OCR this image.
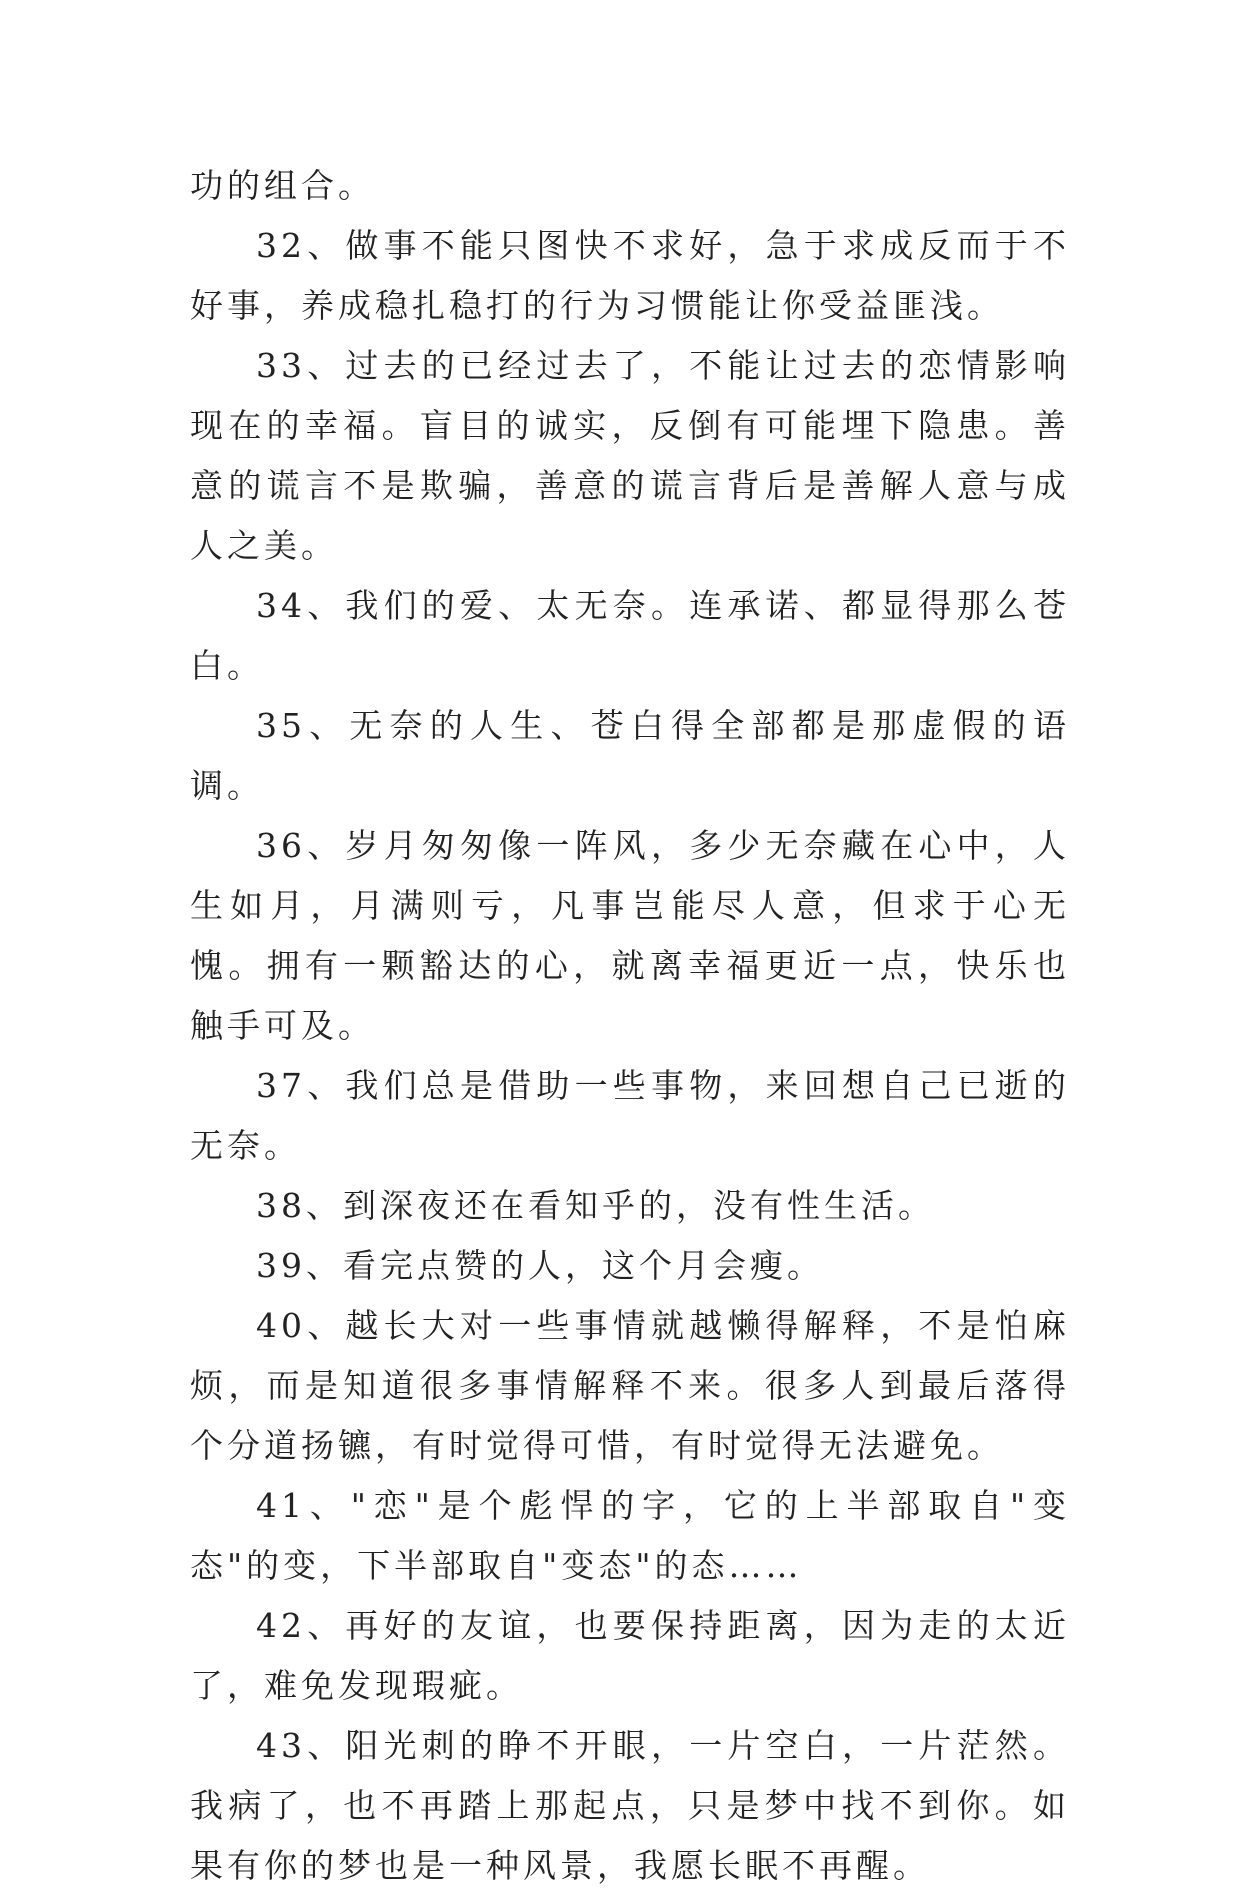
功的组合。

32、做事不能只图快不求好，急于求成反而于不好事，养成稳扎稳打的行为习惯能让你受益匪浅。

33、过去的已经过去了，不能让过去的恋情影响现在的幸福。盲目的诚实，反倒有可能埋下隐患。善意的谎言不是欺骗，善意的谎言背后是善解人意与成人之美。

34、我们的爱、太无奈。连承诺、都显得那么苍白。

35、无奈的人生、苍白得全部都是那虚假的语调。

36、岁月匆匆像一阵风，多少无奈藏在心中，人生如月，月满则亏，凡事岂能尽人意，但求于心无愧。拥有一颗豁达的心，就离幸福更近一点，快乐也触手可及。

37、我们总是借助一些事物，来回想自己已逝的无奈。

38、到深夜还在看知乎的，没有性生活。

39、看完点赞的人，这个月会瘦。

40、越长大对一些事情就越懒得解释，不是怕麻烦，而是知道很多事情解释不来。很多人到最后落得个分道扬镳，有时觉得可惜，有时觉得无法避免。

41、"恋"是个彪悍的字，它的上半部取自"变态"的变，下半部取自"变态"的态……

42、再好的友谊，也要保持距离，因为走的太近了，难免发现瑕疵。

43、阳光刺的睁不开眼，一片空白，一片茫然。我病了，也不再踏上那起点，只是梦中找不到你。如果有你的梦也是一种风景，我愿长眠不再醒。
